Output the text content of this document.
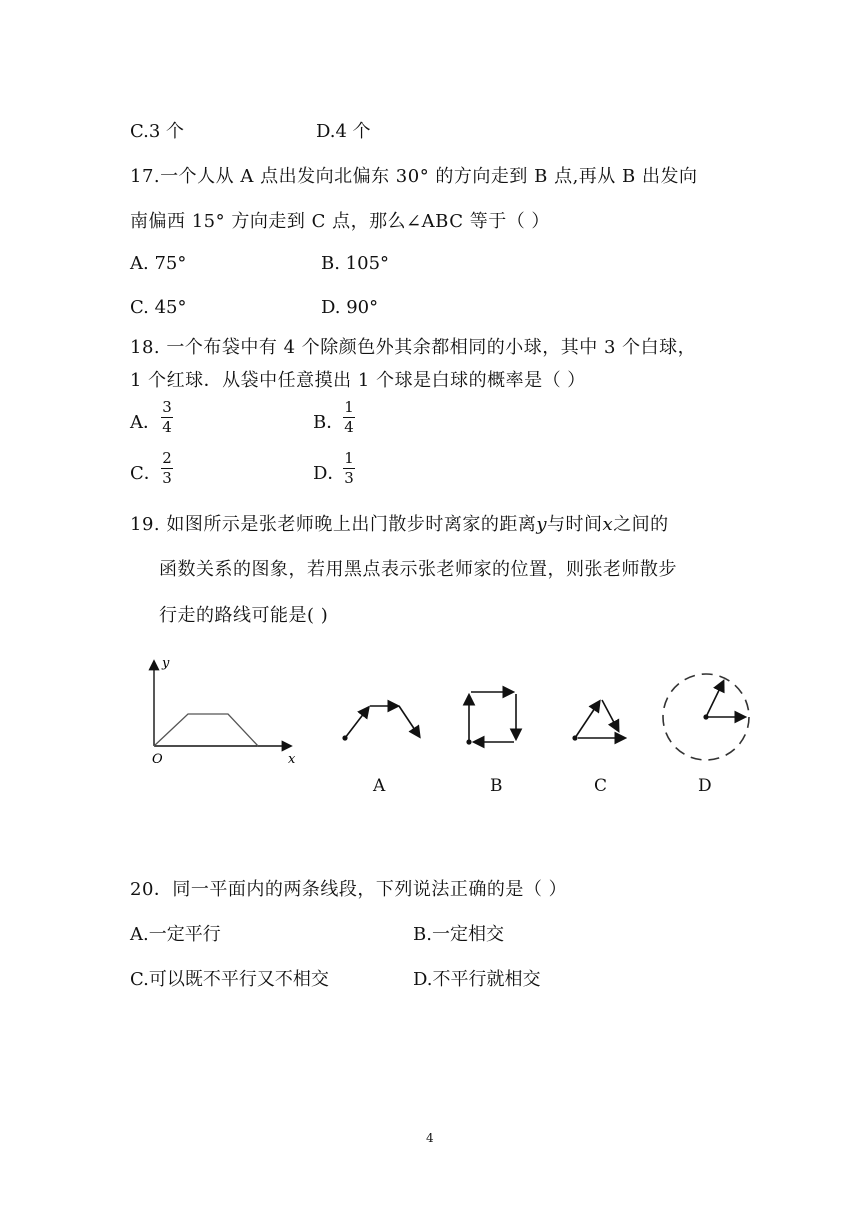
C.3 个	D.4 个
17.一个人从 A 点出发向北偏东 30° 的方向走到 B 点,再从 B 出发向
南偏西 15° 方向走到 C 点，那么∠ABC 等于（ ）
A. 75°	B. 105°
C. 45°	D. 90°
18. 一个布袋中有 4 个除颜色外其余都相同的小球，其中 3 个白球，
1 个红球．从袋中任意摸出 1 个球是白球的概率是（ ）
A．
3
4	B．
1
4
C．
2
3	D．
1
3
19. 如图所示是张老师晚上出门散步时离家的距离y与时间x之间的
函数关系的图象，若用黑点表示张老师家的位置，则张老师散步
行走的路线可能是( )
y
O	x
A	B	C	D
20．同一平面内的两条线段，下列说法正确的是（ ）
A.一定平行	B.一定相交
C.可以既不平行又不相交	D.不平行就相交
4
